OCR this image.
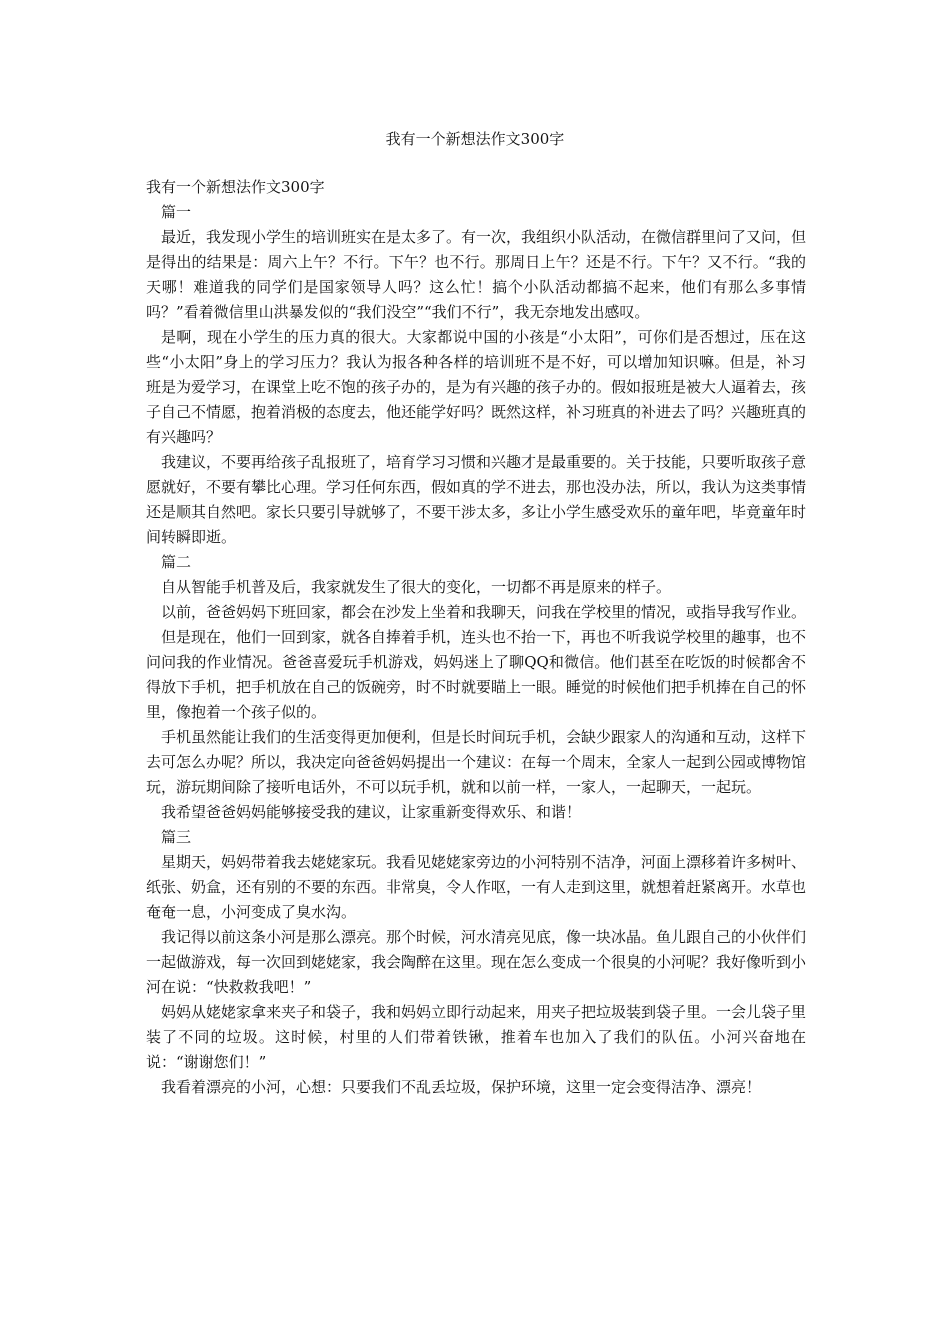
我有一个新想法作文300字

我有一个新想法作文300字

篇一

最近，我发现小学生的培训班实在是太多了。有一次，我组织小队活动，在微信群里问了又问，但是得出的结果是：周六上午？不行。下午？也不行。那周日上午？还是不行。下午？又不行。“我的天哪！难道我的同学们是国家领导人吗？这么忙！搞个小队活动都搞不起来，他们有那么多事情吗？”看着微信里山洪暴发似的“我们没空”“我们不行”，我无奈地发出感叹。

是啊，现在小学生的压力真的很大。大家都说中国的小孩是“小太阳”，可你们是否想过，压在这些“小太阳”身上的学习压力？我认为报各种各样的培训班不是不好，可以增加知识嘛。但是，补习班是为爱学习，在课堂上吃不饱的孩子办的，是为有兴趣的孩子办的。假如报班是被大人逼着去，孩子自己不情愿，抱着消极的态度去，他还能学好吗？既然这样，补习班真的补进去了吗？兴趣班真的有兴趣吗？

我建议，不要再给孩子乱报班了，培育学习习惯和兴趣才是最重要的。关于技能，只要听取孩子意愿就好，不要有攀比心理。学习任何东西，假如真的学不进去，那也没办法，所以，我认为这类事情还是顺其自然吧。家长只要引导就够了，不要干涉太多，多让小学生感受欢乐的童年吧，毕竟童年时间转瞬即逝。

篇二

自从智能手机普及后，我家就发生了很大的变化，一切都不再是原来的样子。

以前，爸爸妈妈下班回家，都会在沙发上坐着和我聊天，问我在学校里的情况，或指导我写作业。

但是现在，他们一回到家，就各自捧着手机，连头也不抬一下，再也不听我说学校里的趣事，也不问问我的作业情况。爸爸喜爱玩手机游戏，妈妈迷上了聊QQ和微信。他们甚至在吃饭的时候都舍不得放下手机，把手机放在自己的饭碗旁，时不时就要瞄上一眼。睡觉的时候他们把手机捧在自己的怀里，像抱着一个孩子似的。

手机虽然能让我们的生活变得更加便利，但是长时间玩手机，会缺少跟家人的沟通和互动，这样下去可怎么办呢？所以，我决定向爸爸妈妈提出一个建议：在每一个周末，全家人一起到公园或博物馆玩，游玩期间除了接听电话外，不可以玩手机，就和以前一样，一家人，一起聊天，一起玩。

我希望爸爸妈妈能够接受我的建议，让家重新变得欢乐、和谐！

篇三

星期天，妈妈带着我去姥姥家玩。我看见姥姥家旁边的小河特别不洁净，河面上漂移着许多树叶、纸张、奶盒，还有别的不要的东西。非常臭，令人作呕，一有人走到这里，就想着赶紧离开。水草也奄奄一息，小河变成了臭水沟。

我记得以前这条小河是那么漂亮。那个时候，河水清亮见底，像一块冰晶。鱼儿跟自己的小伙伴们一起做游戏，每一次回到姥姥家，我会陶醉在这里。现在怎么变成一个很臭的小河呢？我好像听到小河在说：“快救救我吧！”

妈妈从姥姥家拿来夹子和袋子，我和妈妈立即行动起来，用夹子把垃圾装到袋子里。一会儿袋子里装了不同的垃圾。这时候，村里的人们带着铁锹，推着车也加入了我们的队伍。小河兴奋地在说：“谢谢您们！”

我看着漂亮的小河，心想：只要我们不乱丢垃圾，保护环境，这里一定会变得洁净、漂亮！
